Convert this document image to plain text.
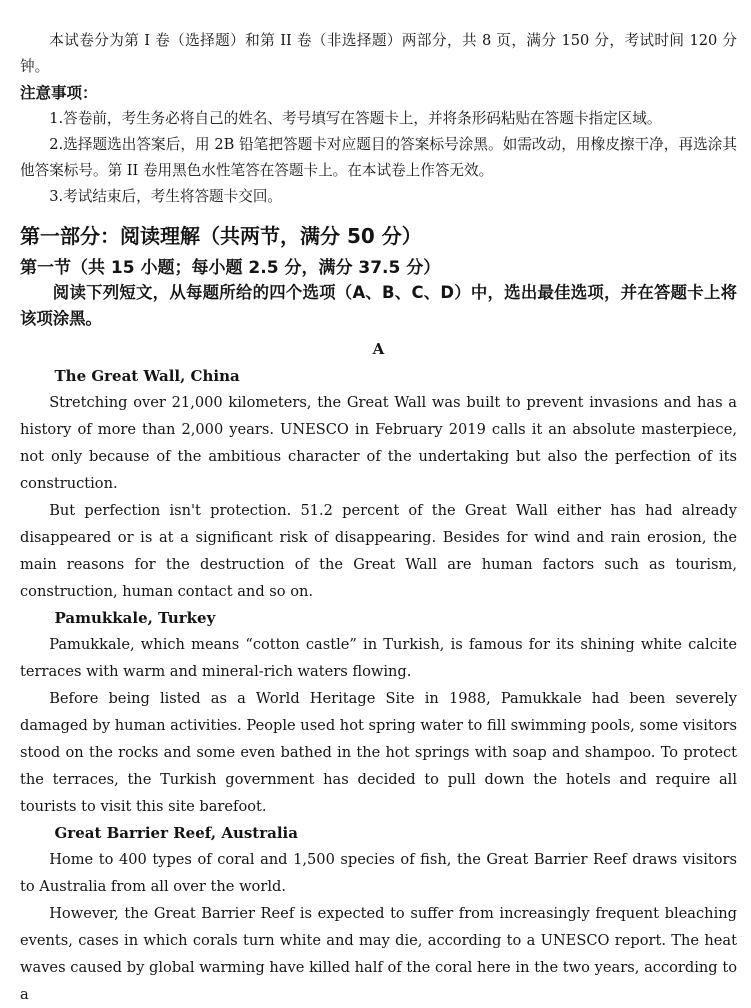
本试卷分为第 I 卷（选择题）和第 II 卷（非选择题）两部分，共 8 页，满分 150 分，考试时间 120 分钟。

注意事项：

1.答卷前，考生务必将自己的姓名、考号填写在答题卡上，并将条形码粘贴在答题卡指定区域。

2.选择题选出答案后，用 2B 铅笔把答题卡对应题目的答案标号涂黑。如需改动，用橡皮擦干净，再选涂其他答案标号。第 II 卷用黑色水性笔答在答题卡上。在本试卷上作答无效。

3.考试结束后，考生将答题卡交回。

第一部分：阅读理解（共两节，满分 50 分）

第一节（共 15 小题；每小题 2.5 分，满分 37.5 分）

阅读下列短文，从每题所给的四个选项（A、B、C、D）中，选出最佳选项，并在答题卡上将该项涂黑。

A

The Great Wall, China

Stretching over 21,000 kilometers, the Great Wall was built to prevent invasions and has a history of more than 2,000 years. UNESCO in February 2019 calls it an absolute masterpiece, not only because of the ambitious character of the undertaking but also the perfection of its construction.

But perfection isn't protection. 51.2 percent of the Great Wall either has had already disappeared or is at a significant risk of disappearing. Besides for wind and rain erosion, the main reasons for the destruction of the Great Wall are human factors such as tourism, construction, human contact and so on.

Pamukkale, Turkey

Pamukkale, which means “cotton castle” in Turkish, is famous for its shining white calcite terraces with warm and mineral-rich waters flowing.

Before being listed as a World Heritage Site in 1988, Pamukkale had been severely damaged by human activities. People used hot spring water to fill swimming pools, some visitors stood on the rocks and some even bathed in the hot springs with soap and shampoo. To protect the terraces, the Turkish government has decided to pull down the hotels and require all tourists to visit this site barefoot.

Great Barrier Reef, Australia

Home to 400 types of coral and 1,500 species of fish, the Great Barrier Reef draws visitors to Australia from all over the world.

However, the Great Barrier Reef is expected to suffer from increasingly frequent bleaching events, cases in which corals turn white and may die, according to a UNESCO report. The heat waves caused by global warming have killed half of the coral here in the two years, according to a
